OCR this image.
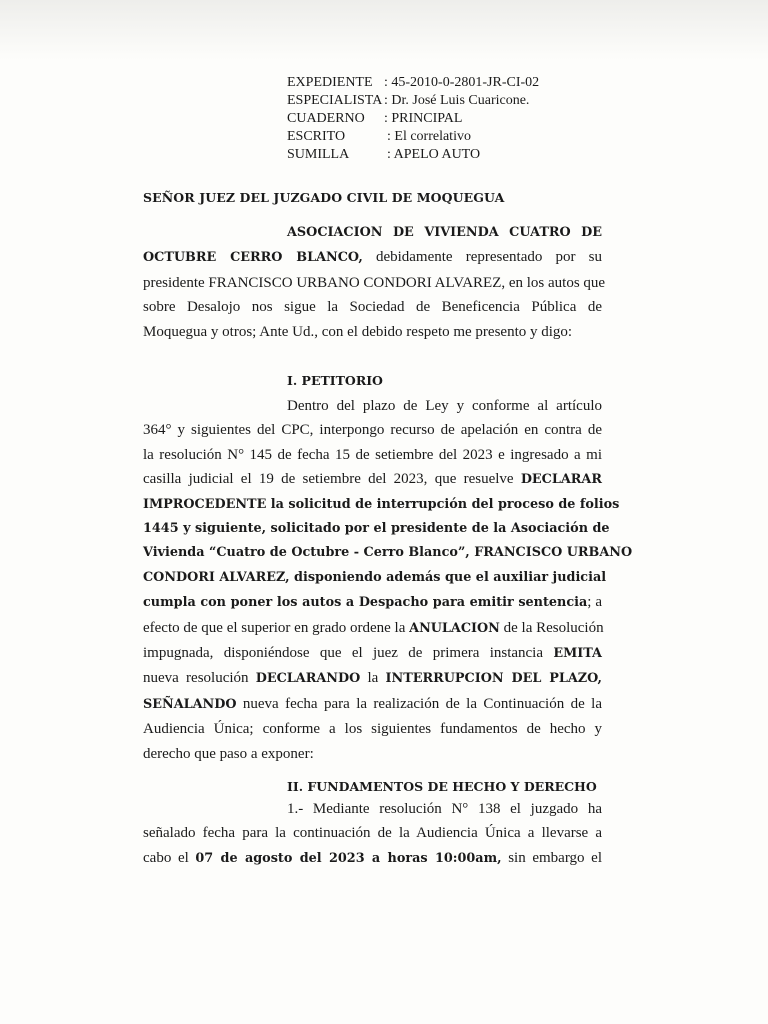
EXPEDIENTE : 45-2010-0-2801-JR-CI-02
ESPECIALISTA : Dr. José Luis Cuaricone.
CUADERNO	: PRINCIPAL
ESCRITO	: El correlativo
SUMILLA	: APELO AUTO
SEÑOR JUEZ DEL JUZGADO CIVIL DE MOQUEGUA
ASOCIACION DE VIVIENDA CUATRO DE
OCTUBRE CERRO BLANCO, debidamente representado por su
presidente FRANCISCO URBANO CONDORI ALVAREZ, en los autos que
sobre Desalojo nos sigue la Sociedad de Beneficencia Pública de
Moquegua y otros; Ante Ud., con el debido respeto me presento y digo:
I. PETITORIO
Dentro del plazo de Ley y conforme al artículo
364° y siguientes del CPC, interpongo recurso de apelación en contra de
la resolución N° 145 de fecha 15 de setiembre del 2023 e ingresado a mi
casilla judicial el 19 de setiembre del 2023, que resuelve DECLARAR
IMPROCEDENTE la solicitud de interrupción del proceso de folios
1445 y siguiente, solicitado por el presidente de la Asociación de
Vivienda “Cuatro de Octubre - Cerro Blanco”, FRANCISCO URBANO
CONDORI ALVAREZ, disponiendo además que el auxiliar judicial
cumpla con poner los autos a Despacho para emitir sentencia; a
efecto de que el superior en grado ordene la ANULACION de la Resolución
impugnada, disponiéndose que el juez de primera instancia EMITA
nueva resolución DECLARANDO la INTERRUPCION DEL PLAZO,
SEÑALANDO nueva fecha para la realización de la Continuación de la
Audiencia Única; conforme a los siguientes fundamentos de hecho y
derecho que paso a exponer:
II. FUNDAMENTOS DE HECHO Y DERECHO
1.- Mediante resolución N° 138 el juzgado ha
señalado fecha para la continuación de la Audiencia Única a llevarse a
cabo el 07 de agosto del 2023 a horas 10:00am, sin embargo el
